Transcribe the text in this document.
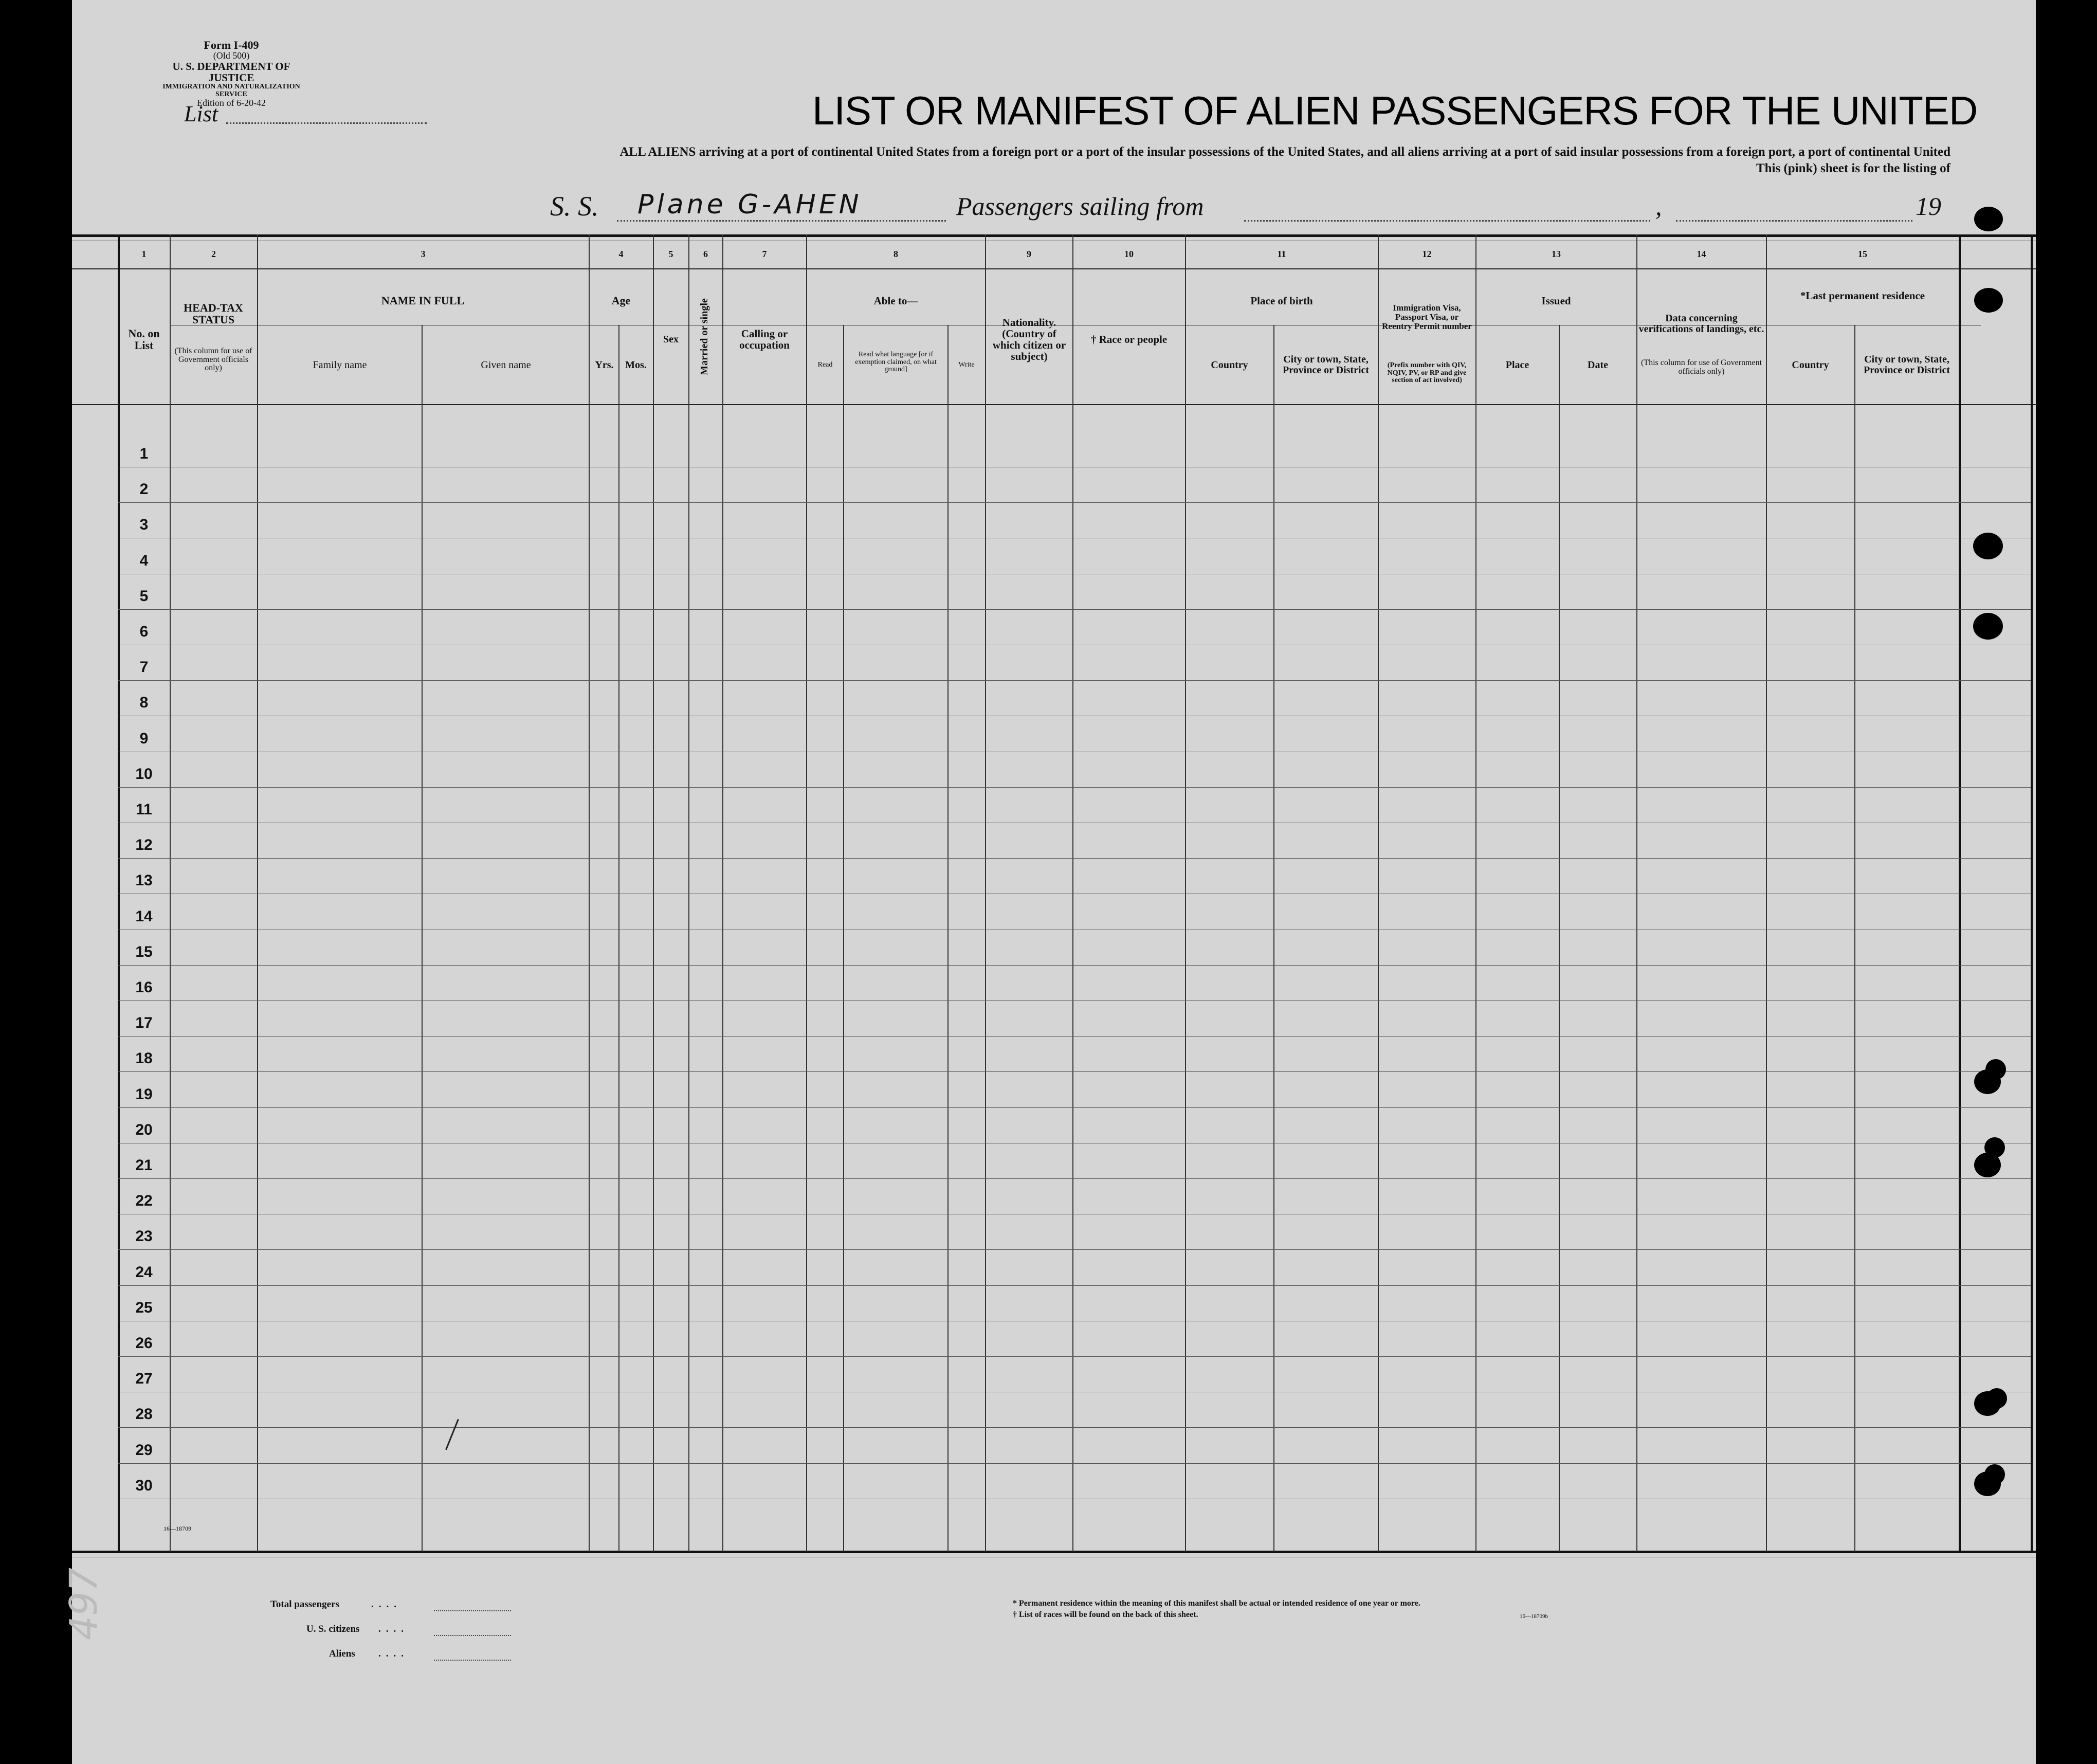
Form I-409
(Old 500)
U. S. DEPARTMENT OF JUSTICE
IMMIGRATION AND NATURALIZATION SERVICE
Edition of 6-20-42
List	LIST OR MANIFEST OF ALIEN PASSENGERS FOR THE UNITED
ALL ALIENS arriving at a port of continental United States from a foreign port or a port of the insular possessions of the United States, and all aliens arriving at a port of said insular possessions from a foreign port, a port of continental United
This (pink) sheet is for the listing of
S. S. Plane G-AHEN	Passengers sailing from	,	19
1	2	3	4	5	6	7	8	9	10	11	12	13	14	15
No. on List
HEAD-TAX STATUS
(This column for use of Government officials only)
NAME IN FULL
Family name	Given name
Age
Yrs.	Mos.
Sex	Married or single	Calling or occupation
Able to—
Read
Read what language [or if exemption claimed, on what ground]
Write
Nationality. (Country of which citizen or subject)
† Race or people
Place of birth
Country	City or town, State, Province or District
Immigration Visa, Passport Visa, or Reentry Permit number
(Prefix number with QIV, NQIV, PV, or RP and give section of act involved)
Issued
Place	Date
Data concerning verifications of landings, etc.
(This column for use of Government officials only)
*Last permanent residence
Country	City or town, State, Province or District
1
2
3
4
5
6
7
8
9
10
11
12
13
14
15
16
17
18
19
20
21
22
23
24
25
26
27
28
29
30
16—18709
Total passengers	....
U. S. citizens ....
Aliens ....
* Permanent residence within the meaning of this manifest shall be actual or intended residence of one year or more.
† List of races will be found on the back of this sheet.	16—18709b
497
